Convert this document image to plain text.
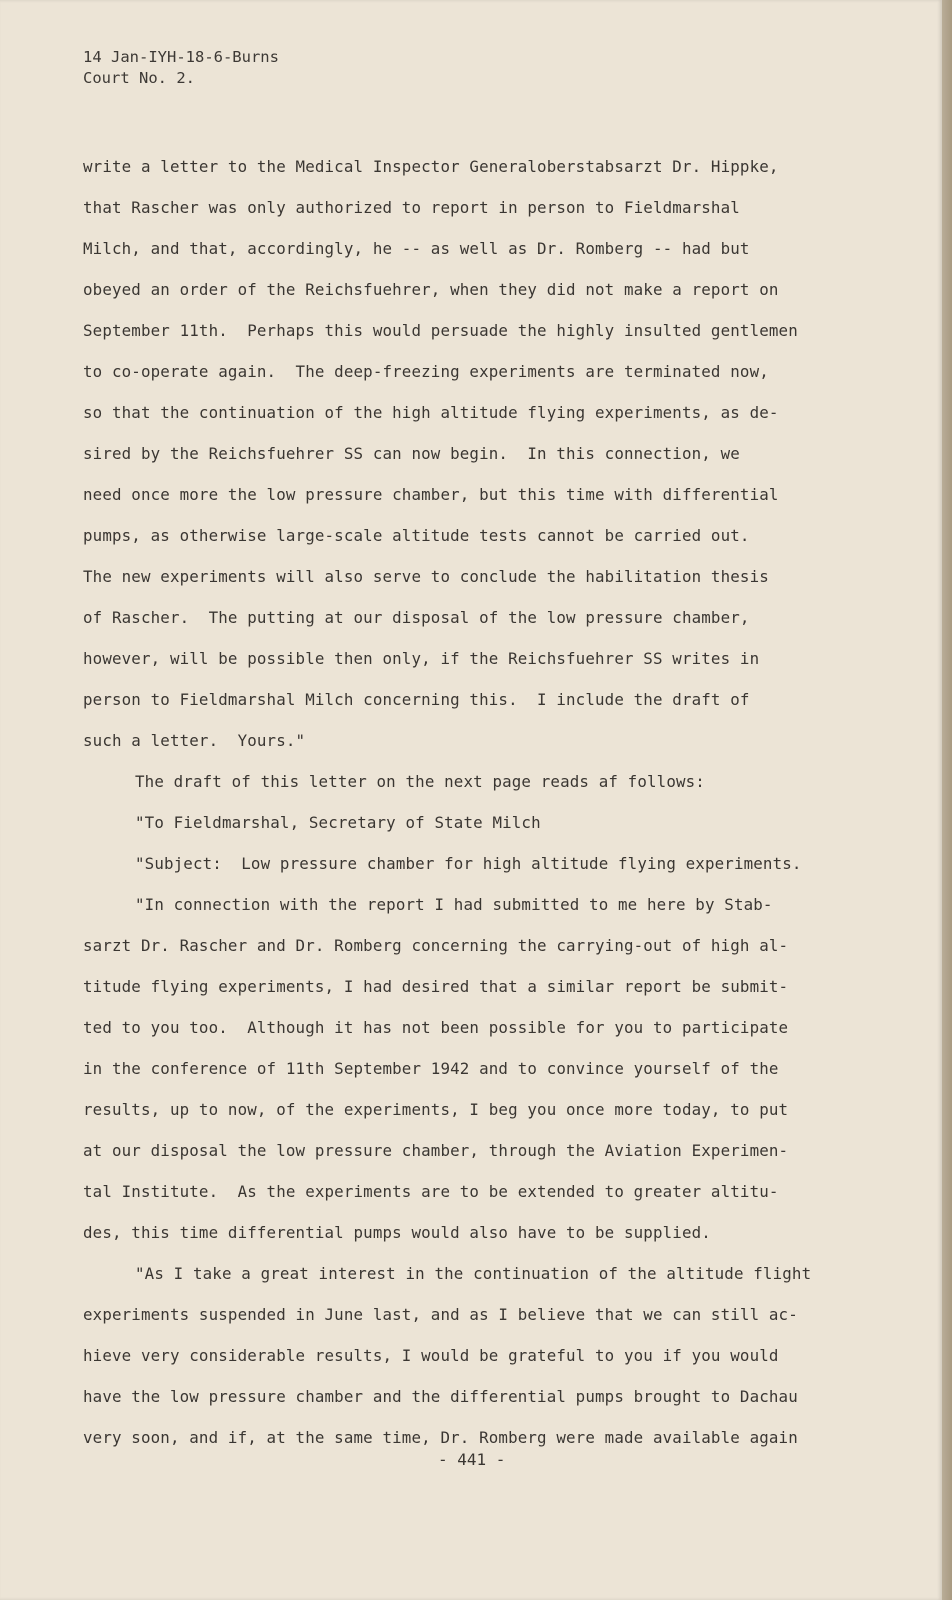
14 Jan-IYH-18-6-Burns
Court No. 2.
write a letter to the Medical Inspector Generaloberstabsarzt Dr. Hippke,
that Rascher was only authorized to report in person to Fieldmarshal
Milch, and that, accordingly, he -- as well as Dr. Romberg -- had but
obeyed an order of the Reichsfuehrer, when they did not make a report on
September 11th.  Perhaps this would persuade the highly insulted gentlemen
to co-operate again.  The deep-freezing experiments are terminated now,
so that the continuation of the high altitude flying experiments, as de-
sired by the Reichsfuehrer SS can now begin.  In this connection, we
need once more the low pressure chamber, but this time with differential
pumps, as otherwise large-scale altitude tests cannot be carried out.
The new experiments will also serve to conclude the habilitation thesis
of Rascher.  The putting at our disposal of the low pressure chamber,
however, will be possible then only, if the Reichsfuehrer SS writes in
person to Fieldmarshal Milch concerning this.  I include the draft of
such a letter.  Yours."
The draft of this letter on the next page reads af follows:
"To Fieldmarshal, Secretary of State Milch
"Subject:  Low pressure chamber for high altitude flying experiments.
"In connection with the report I had submitted to me here by Stab-
sarzt Dr. Rascher and Dr. Romberg concerning the carrying-out of high al-
titude flying experiments, I had desired that a similar report be submit-
ted to you too.  Although it has not been possible for you to participate
in the conference of 11th September 1942 and to convince yourself of the
results, up to now, of the experiments, I beg you once more today, to put
at our disposal the low pressure chamber, through the Aviation Experimen-
tal Institute.  As the experiments are to be extended to greater altitu-
des, this time differential pumps would also have to be supplied.
"As I take a great interest in the continuation of the altitude flight
experiments suspended in June last, and as I believe that we can still ac-
hieve very considerable results, I would be grateful to you if you would
have the low pressure chamber and the differential pumps brought to Dachau
very soon, and if, at the same time, Dr. Romberg were made available again
- 441 -
